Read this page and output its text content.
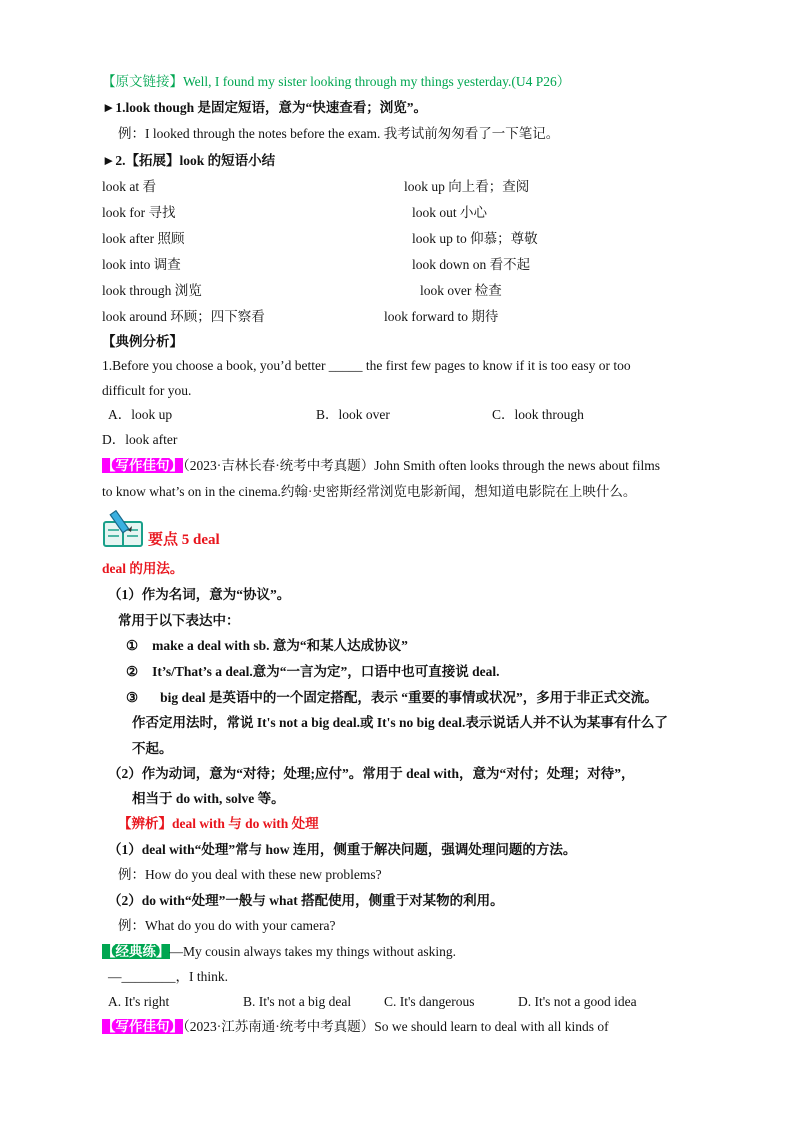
【原文链接】Well, I found my sister looking through my things yesterday.(U4 P26）
►1.look though 是固定短语，意为“快速查看；浏览”。
例：I looked through the notes before the exam. 我考试前匆匆看了一下笔记。
►2.【拓展】look 的短语小结
look at 看	look up 向上看；查阅
look for 寻找	look out 小心
look after 照顾	look up to 仰慕；尊敬
look into 调查	look down on 看不起
look through 浏览	look over 检查
look around 环顾；四下察看	look forward to 期待
【典例分析】
1.Before you choose a book, you’d better _____ the first few pages to know if it is too easy or too
difficult for you.
A．look up	B．look over	C．look through
D．look after
【写作佳句】（2023·吉林长春·统考中考真题）John Smith often looks through the news about films
to know what’s on in the cinema.约翰·史密斯经常浏览电影新闻，想知道电影院在上映什么。
要点 5 deal
deal 的用法。
（1）作为名词，意为“协议”。
常用于以下表达中：
① make a deal with sb. 意为“和某人达成协议”
② It’s/That’s a deal.意为“一言为定”，口语中也可直接说 deal.
③ big deal 是英语中的一个固定搭配，表示 “重要的事情或状况”，多用于非正式交流。
作否定用法时，常说 It's not a big deal.或 It's no big deal.表示说话人并不认为某事有什么了
不起。
（2）作为动词，意为“对待；处理;应付”。常用于 deal with，意为“对付；处理；对待”，
相当于 do with, solve 等。
【辨析】deal with 与 do with 处理
（1）deal with“处理”常与 how 连用，侧重于解决问题，强调处理问题的方法。
例：How do you deal with these new problems?
（2）do with“处理”一般与 what 搭配使用，侧重于对某物的利用。
例：What do you do with your camera?
【经典练】—My cousin always takes my things without asking.
—________，I think.
A. It's right	B. It's not a big deal C. It's dangerous	D. It's not a good idea
【写作佳句】（2023·江苏南通·统考中考真题）So we should learn to deal with all kinds of
